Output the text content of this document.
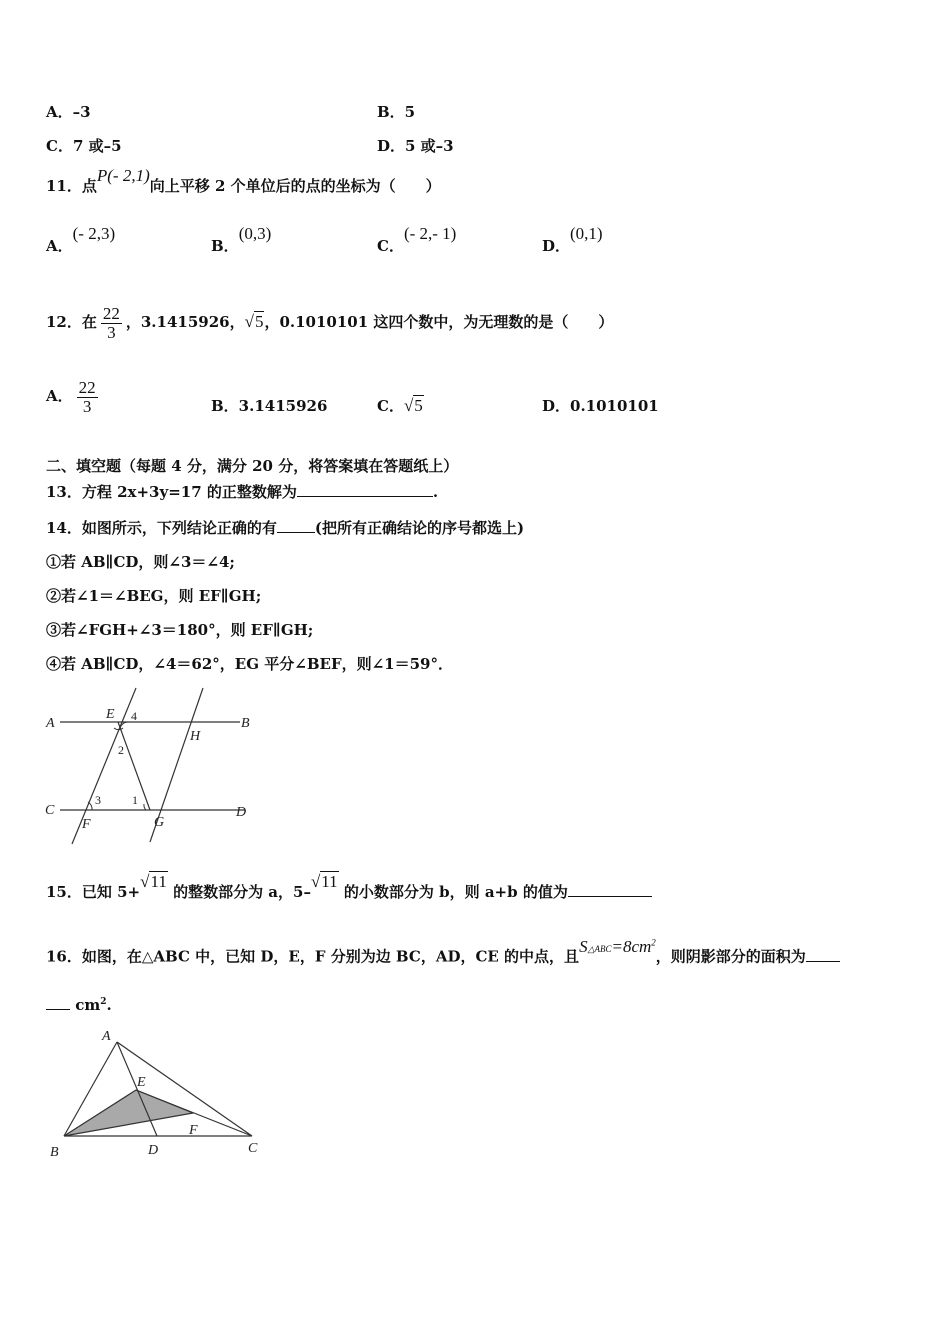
A．–3	B．5
C．7 或–5	D．5 或–3
11．点P(- 2,1)向上平移 2 个单位后的点的坐标为（　　）
A．(- 2,3)
B．(0,3)
C．(- 2,- 1)
D．(0,1)
12．在 $\frac{22}{3}$ ，3.1415926，√5，0.1010101 这四个数中，为无理数的是（　　）
A． $\frac{22}{3}$	B．3.1415926	C．√5	D．0.1010101
二、填空题（每题 4 分，满分 20 分，将答案填在答题纸上）
13．方程 2x+3y=17 的正整数解为	.
14．如图所示，下列结论正确的有	(把所有正确结论的序号都选上)
①若 AB∥CD，则∠3＝∠4;
②若∠1＝∠BEG，则 EF∥GH;
③若∠FGH+∠3＝180°，则 EF∥GH;
④若 AB∥CD，∠4＝62°，EG 平分∠BEF，则∠1＝59°．
A
E 4	B
2
H
C
3	1
D
F	G
15．已知 5+√11 的整数部分为 a，5–√11 的小数部分为 b，则 a+b 的值为
16．如图，在△ABC 中，已知 D，E，F 分别为边 BC，AD，CE 的中点，且$S\triangle ABC=8cm^2$，则阴影部分的面积为
$cm^2$.
A
E
F
B	D	C
